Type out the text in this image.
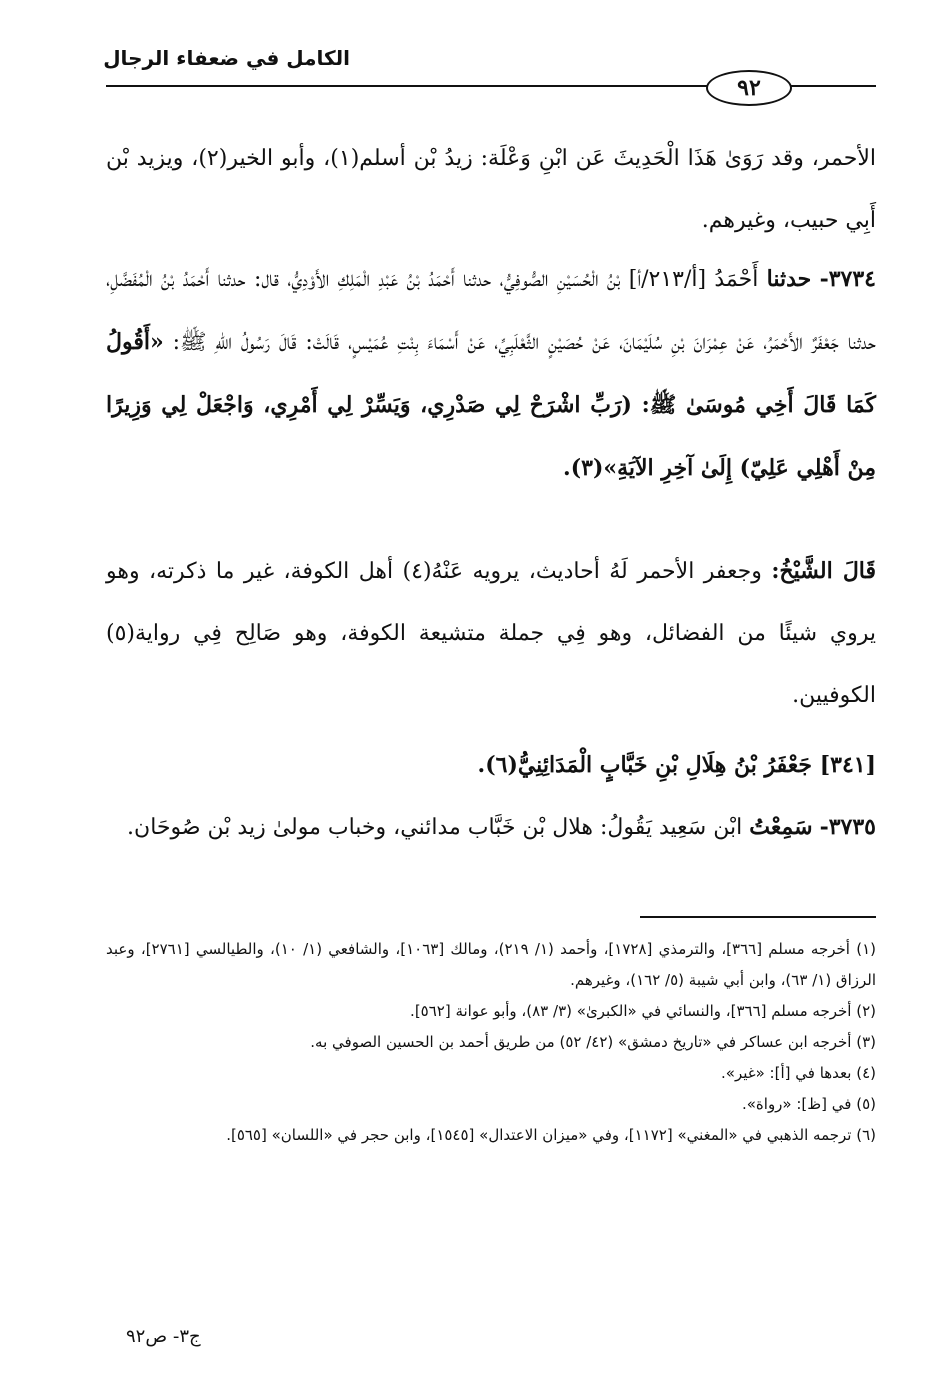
الكامل في ضعفاء الرجال
٩٢

الأحمر، وقد رَوَىٰ هَذَا الْحَدِيثَ عَن ابْنِ وَعْلَة: زيدُ بْن أسلم(١)، وأبو الخير(٢)، ويزيد بْن أَبِي حبيب، وغيرهم.

٣٧٣٤- حدثنا أَحْمَدُ [أ/٢١٣/أ] بْنُ الْحُسَيْنِ الصُّوفِيُّ، حدثنا أَحْمَدُ بْنُ عَبْدِ الْمَلِكِ الأَوْدِيُّ، قال: حدثنا أَحْمَدُ بْنُ الْمُفَضَّلِ، حدثنا جَعْفَرٌ الأَحْمَرُ، عَنْ عِمْرَانَ بْنِ سُلَيْمَانَ، عَنْ حُصَيْنٍ الثَّعْلَبِيِّ، عَنْ أَسْمَاءَ بِنْتِ عُمَيْسٍ، قَالَتْ: قَالَ رَسُولُ اللهِ ﷺ: «أَقُولُ كَمَا قَالَ أَخِي مُوسَىٰ ﷺ: (رَبِّ اشْرَحْ لِي صَدْرِي، وَيَسِّرْ لِي أَمْرِي، وَاجْعَلْ لِي وَزِيرًا مِنْ أَهْلِي عَلِيّ) إِلَىٰ آخِرِ الآيَةِ»(٣).

قَالَ الشَّيْخُ: وجعفر الأحمر لَهُ أحاديث، يرويه عَنْهُ(٤) أهل الكوفة، غير ما ذكرته، وهو يروي شيئًا من الفضائل، وهو فِي جملة متشيعة الكوفة، وهو صَالِح فِي رواية(٥) الكوفيين.

[٣٤١] جَعْفَرُ بْنُ هِلَالِ بْنِ خَبَّابٍ الْمَدَائِنِيُّ(٦).

٣٧٣٥- سَمِعْتُ ابْن سَعِيد يَقُولُ: هلال بْن خَبَّاب مدائني، وخباب مولىٰ زيد بْن صُوحَان.

(١) أخرجه مسلم [٣٦٦]، والترمذي [١٧٢٨]، وأحمد (١/ ٢١٩)، ومالك [١٠٦٣]، والشافعي (١/ ١٠)، والطيالسي [٢٧٦١]، وعبد الرزاق (١/ ٦٣)، وابن أبي شيبة (٥/ ١٦٢)، وغيرهم.

(٢) أخرجه مسلم [٣٦٦]، والنسائي في «الكبرىٰ» (٣/ ٨٣)، وأبو عوانة [٥٦٢].

(٣) أخرجه ابن عساكر في «تاريخ دمشق» (٤٢/ ٥٢) من طريق أحمد بن الحسين الصوفي به.

(٤) بعدها في [أ]: «غير».

(٥) في [ظ]: «رواة».

(٦) ترجمه الذهبي في «المغني» [١١٧٢]، وفي «ميزان الاعتدال» [١٥٤٥]، وابن حجر في «اللسان» [٥٦٥].

ج٣- ص٩٢
